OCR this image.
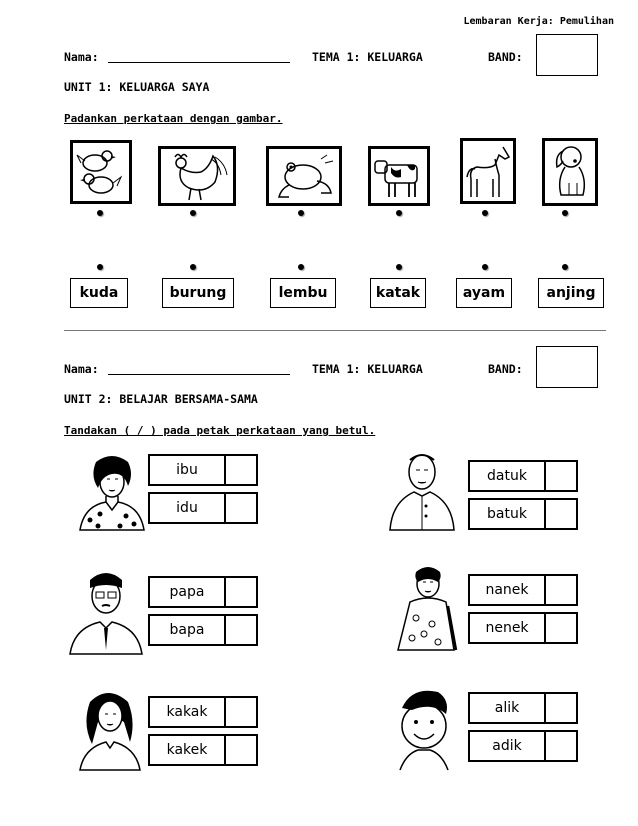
Lembaran Kerja: Pemulihan
Nama:	TEMA 1: KELUARGA	BAND:
UNIT 1: KELUARGA SAYA
Padankan perkataan dengan gambar.
kuda	burung	lembu	katak	ayam	anjing
Nama:	TEMA 1: KELUARGA	BAND:
UNIT 2: BELAJAR BERSAMA-SAMA
Tandakan ( / ) pada petak perkataan yang betul.
ibu
idu
papa
bapa
kakak
kakek
datuk
batuk
nanek
nenek
alik
adik
